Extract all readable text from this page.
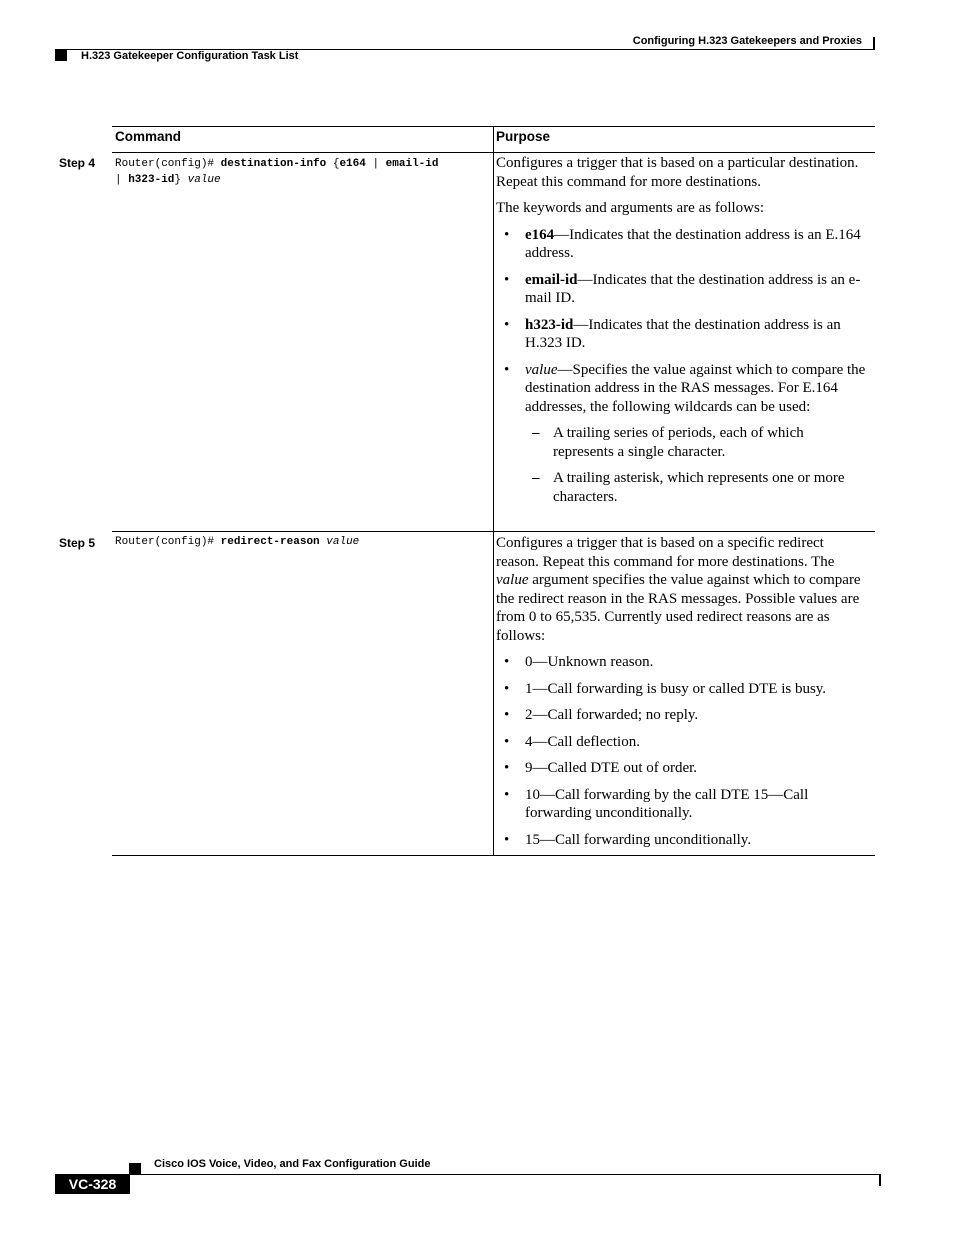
Configuring H.323 Gatekeepers and Proxies
H.323 Gatekeeper Configuration Task List
Command	Purpose
Step 4 Router(config)# destination-info {e164 | email-id
| h323-id} value

Configures a trigger that is based on a particular destination. Repeat this command for more destinations.

The keywords and arguments are as follows:

• e164—Indicates that the destination address is an E.164 address.
• email-id—Indicates that the destination address is an e-mail ID.
• h323-id—Indicates that the destination address is an H.323 ID.
• value—Specifies the value against which to compare the destination address in the RAS messages. For E.164 addresses, the following wildcards can be used:
– A trailing series of periods, each of which represents a single character.
– A trailing asterisk, which represents one or more characters.
Step 5 Router(config)# redirect-reason value	Configures a trigger that is based on a specific redirect reason. Repeat this command for more destinations. The value argument specifies the value against which to compare the redirect reason in the RAS messages. Possible values are from 0 to 65,535. Currently used redirect reasons are as follows:

• 0—Unknown reason.
• 1—Call forwarding is busy or called DTE is busy.
• 2—Call forwarded; no reply.
• 4—Call deflection.
• 9—Called DTE out of order.
• 10—Call forwarding by the call DTE 15—Call forwarding unconditionally.
• 15—Call forwarding unconditionally.
Cisco IOS Voice, Video, and Fax Configuration Guide
VC-328
